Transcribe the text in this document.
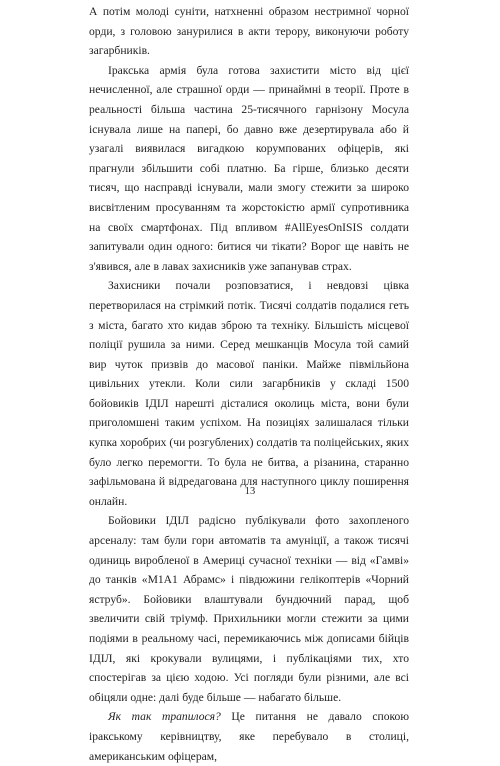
А потім молоді суніти, натхненні образом нестримної чорної орди, з головою занурилися в акти терору, виконуючи роботу загарбників.

Іракська армія була готова захистити місто від цієї нечисленної, але страшної орди — принаймні в теорії. Проте в реальності більша частина 25-тисячного гарнізону Мосула існувала лише на папері, бо давно вже дезертирувала або й узагалі виявилася вигадкою корумпованих офіцерів, які прагнули збільшити собі платню. Ба гірше, близько десяти тисяч, що насправді існували, мали змогу стежити за широко висвітленим просуванням та жорстокістю армії супротивника на своїх смартфонах. Під впливом #AllEyesOnISIS солдати запитували один одного: битися чи тікати? Ворог ще навіть не з'явився, але в лавах захисників уже запанував страх.

Захисники почали розповзатися, і невдовзі цівка перетворилася на стрімкий потік. Тисячі солдатів подалися геть з міста, багато хто кидав зброю та техніку. Більшість місцевої поліції рушила за ними. Серед мешканців Мосула той самий вир чуток призвів до масової паніки. Майже півмільйона цивільних утекли. Коли сили загарбників у складі 1500 бойовиків ІДІЛ нарешті дісталися околиць міста, вони були приголомшені таким успіхом. На позиціях залишалася тільки купка хоробрих (чи розгублених) солдатів та поліцейських, яких було легко перемогти. То була не битва, а різанина, старанно зафільмована й відредагована для наступного циклу поширення онлайн.

Бойовики ІДІЛ радісно публікували фото захопленого арсеналу: там були гори автоматів та амуніції, а також тисячі одиниць виробленої в Америці сучасної техніки — від «Гамві» до танків «М1А1 Абрамс» і півдюжини гелікоптерів «Чорний яструб». Бойовики влаштували бундючний парад, щоб звеличити свій тріумф. Прихильники могли стежити за цими подіями в реальному часі, перемикаючись між дописами бійців ІДІЛ, які крокували вулицями, і публікаціями тих, хто спостерігав за цією ходою. Усі погляди були різними, але всі обіцяли одне: далі буде більше — набагато більше.

Як так трапилося? Це питання не давало спокою іракському керівництву, яке перебувало в столиці, американським офіцерам,

13
